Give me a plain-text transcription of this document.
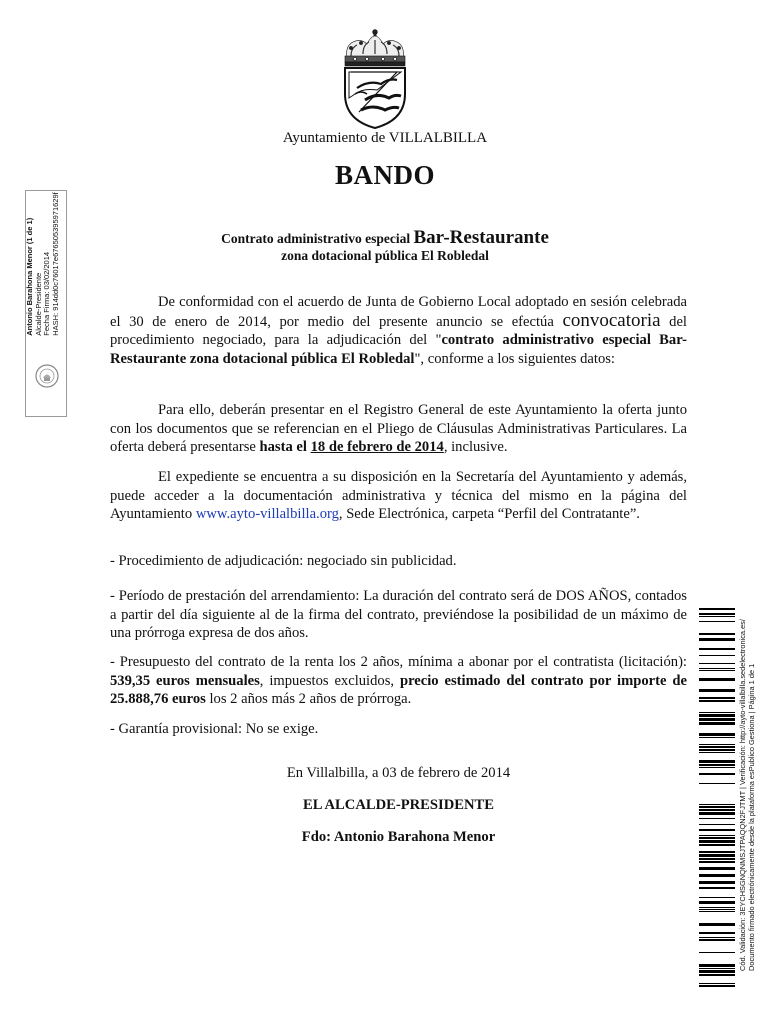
Ayuntamiento de VILLALBILLA
BANDO
Contrato administrativo especial Bar-Restaurante
zona dotacional pública El Robledal
De conformidad con el acuerdo de Junta de Gobierno Local adoptado en sesión celebrada el 30 de enero de 2014, por medio del presente anuncio se efectúa convocatoria del procedimiento negociado, para la adjudicación del "contrato administrativo especial Bar-Restaurante zona dotacional pública El Robledal", conforme a los siguientes datos:
Para ello, deberán presentar en el Registro General de este Ayuntamiento la oferta junto con los documentos que se referencian en el Pliego de Cláusulas Administrativas Particulares. La oferta deberá presentarse hasta el 18 de febrero de 2014, inclusive.
El expediente se encuentra a su disposición en la Secretaría del Ayuntamiento y además, puede acceder a la documentación administrativa y técnica del mismo en la página del Ayuntamiento www.ayto-villalbilla.org, Sede Electrónica, carpeta “Perfil del Contratante”.
- Procedimiento de adjudicación: negociado sin publicidad.
- Período de prestación del arrendamiento: La duración del contrato será de DOS AÑOS, contados a partir del día siguiente al de la firma del contrato, previéndose la posibilidad de un máximo de una prórroga expresa de dos años.
- Presupuesto del contrato de la renta los 2 años, mínima a abonar por el contratista (licitación): 539,35 euros mensuales, impuestos excluidos, precio estimado del contrato por importe de 25.888,76 euros los 2 años más 2 años de prórroga.
- Garantía provisional: No se exige.
En Villalbilla, a 03 de febrero de 2014
EL ALCALDE-PRESIDENTE
Fdo: Antonio Barahona Menor
Antonio Barahona Menor (1 de 1) Alcalde-Presidente Fecha Firma: 03/02/2014 HASH: 914dd0c76017e676505395971629f
Cód. Validación: 3EYCHSGNQNMSJTPAQQN2FJTMT | Verificación: http://ayto-villalbilla.sedelectronica.es/ Documento firmado electrónicamente desde la plataforma esPublico Gestiona | Página 1 de 1
